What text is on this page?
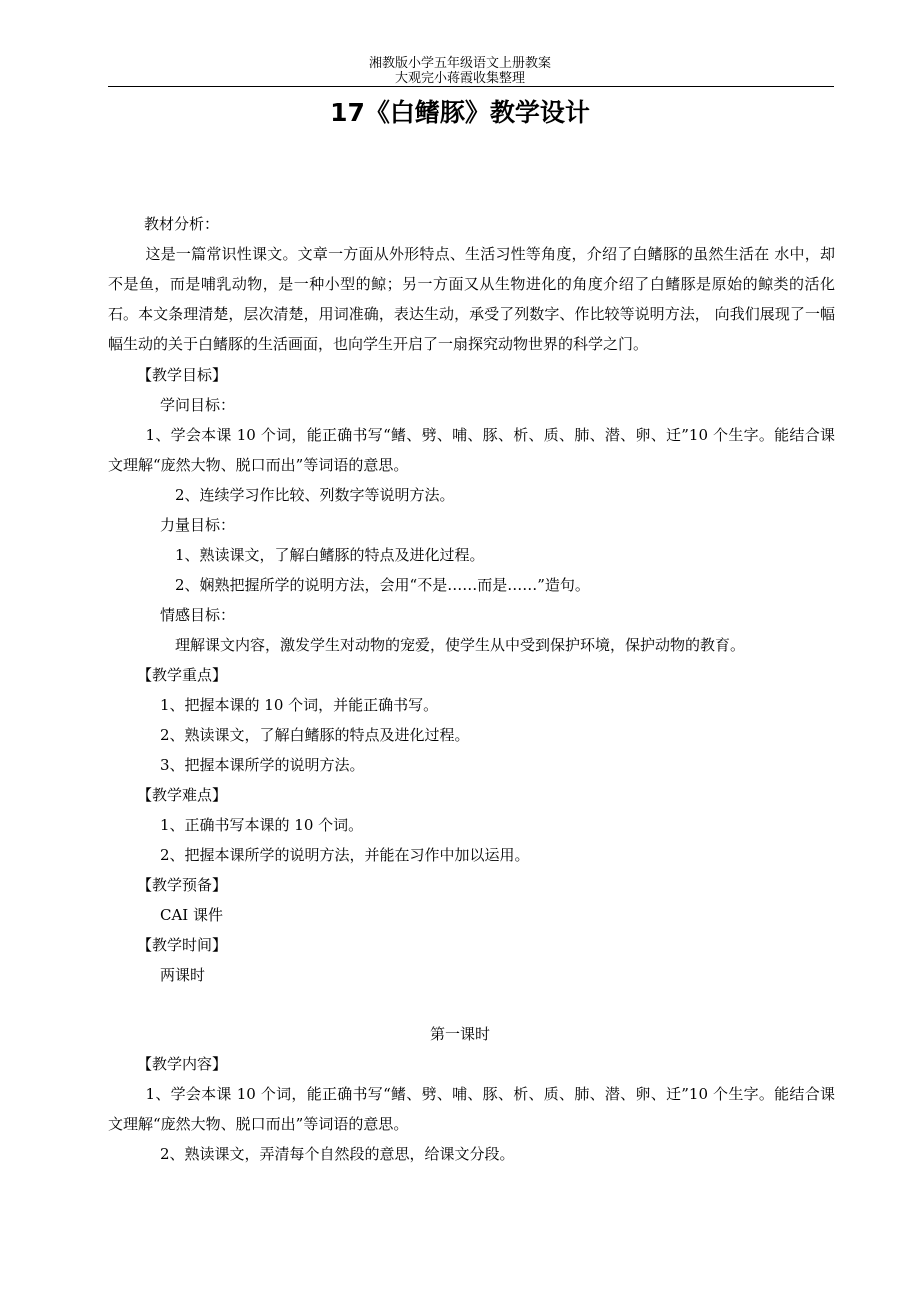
湘教版小学五年级语文上册教案
大观完小蒋霞收集整理
17《白鳍豚》教学设计
教材分析：
这是一篇常识性课文。文章一方面从外形特点、生活习性等角度，介绍了白鳍豚的虽然生活在 水中，却不是鱼，而是哺乳动物，是一种小型的鲸；另一方面又从生物进化的角度介绍了白鳍豚是原始的鲸类的活化石。本文条理清楚，层次清楚，用词准确，表达生动，承受了列数字、作比较等说明方法， 向我们展现了一幅幅生动的关于白鳍豚的生活画面，也向学生开启了一扇探究动物世界的科学之门。
【教学目标】
学问目标：
1、学会本课 10 个词，能正确书写“鳍、劈、哺、豚、析、质、肺、潜、卵、迁”10 个生字。能结合课文理解“庞然大物、脱口而出”等词语的意思。
2、连续学习作比较、列数字等说明方法。
力量目标：
1、熟读课文，了解白鳍豚的特点及进化过程。
2、娴熟把握所学的说明方法，会用“不是……而是……”造句。
情感目标：
理解课文内容，激发学生对动物的宠爱，使学生从中受到保护环境，保护动物的教育。
【教学重点】
1、把握本课的 10 个词，并能正确书写。
2、熟读课文，了解白鳍豚的特点及进化过程。
3、把握本课所学的说明方法。
【教学难点】
1、正确书写本课的 10 个词。
2、把握本课所学的说明方法，并能在习作中加以运用。
【教学预备】
CAI 课件
【教学时间】
两课时
第一课时
【教学内容】
1、学会本课 10 个词，能正确书写“鳍、劈、哺、豚、析、质、肺、潜、卵、迁”10 个生字。能结合课文理解“庞然大物、脱口而出”等词语的意思。
2、熟读课文，弄清每个自然段的意思，给课文分段。
